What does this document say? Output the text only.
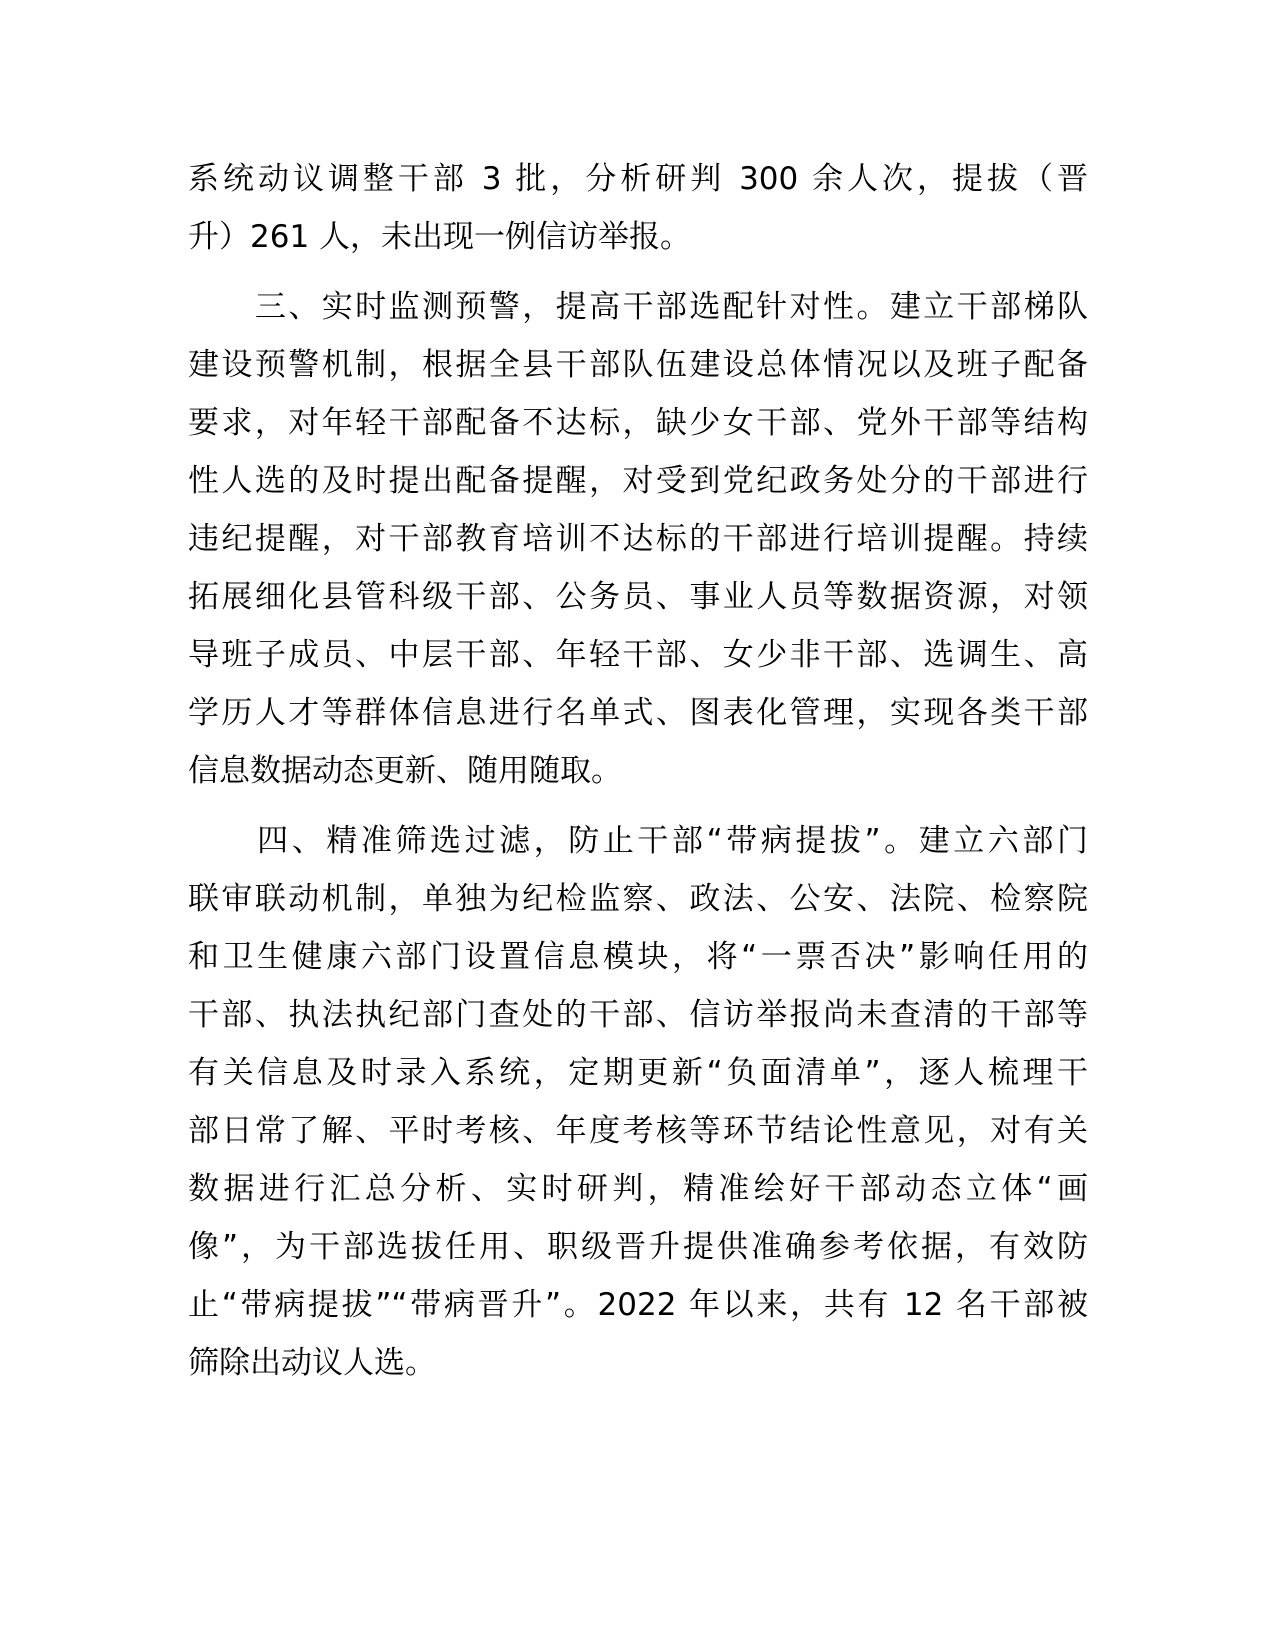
系统动议调整干部 3 批，分析研判 300 余人次，提拔（晋
升）261 人，未出现一例信访举报。
　　三、实时监测预警，提高干部选配针对性。建立干部梯队
建设预警机制，根据全县干部队伍建设总体情况以及班子配备
要求，对年轻干部配备不达标，缺少女干部、党外干部等结构
性人选的及时提出配备提醒，对受到党纪政务处分的干部进行
违纪提醒，对干部教育培训不达标的干部进行培训提醒。持续
拓展细化县管科级干部、公务员、事业人员等数据资源，对领
导班子成员、中层干部、年轻干部、女少非干部、选调生、高
学历人才等群体信息进行名单式、图表化管理，实现各类干部
信息数据动态更新、随用随取。
　　四、精准筛选过滤，防止干部“带病提拔”。建立六部门
联审联动机制，单独为纪检监察、政法、公安、法院、检察院
和卫生健康六部门设置信息模块，将“一票否决”影响任用的
干部、执法执纪部门查处的干部、信访举报尚未查清的干部等
有关信息及时录入系统，定期更新“负面清单”，逐人梳理干
部日常了解、平时考核、年度考核等环节结论性意见，对有关
数据进行汇总分析、实时研判，精准绘好干部动态立体“画
像”，为干部选拔任用、职级晋升提供准确参考依据，有效防
止“带病提拔”“带病晋升”。2022 年以来，共有 12 名干部被
筛除出动议人选。
